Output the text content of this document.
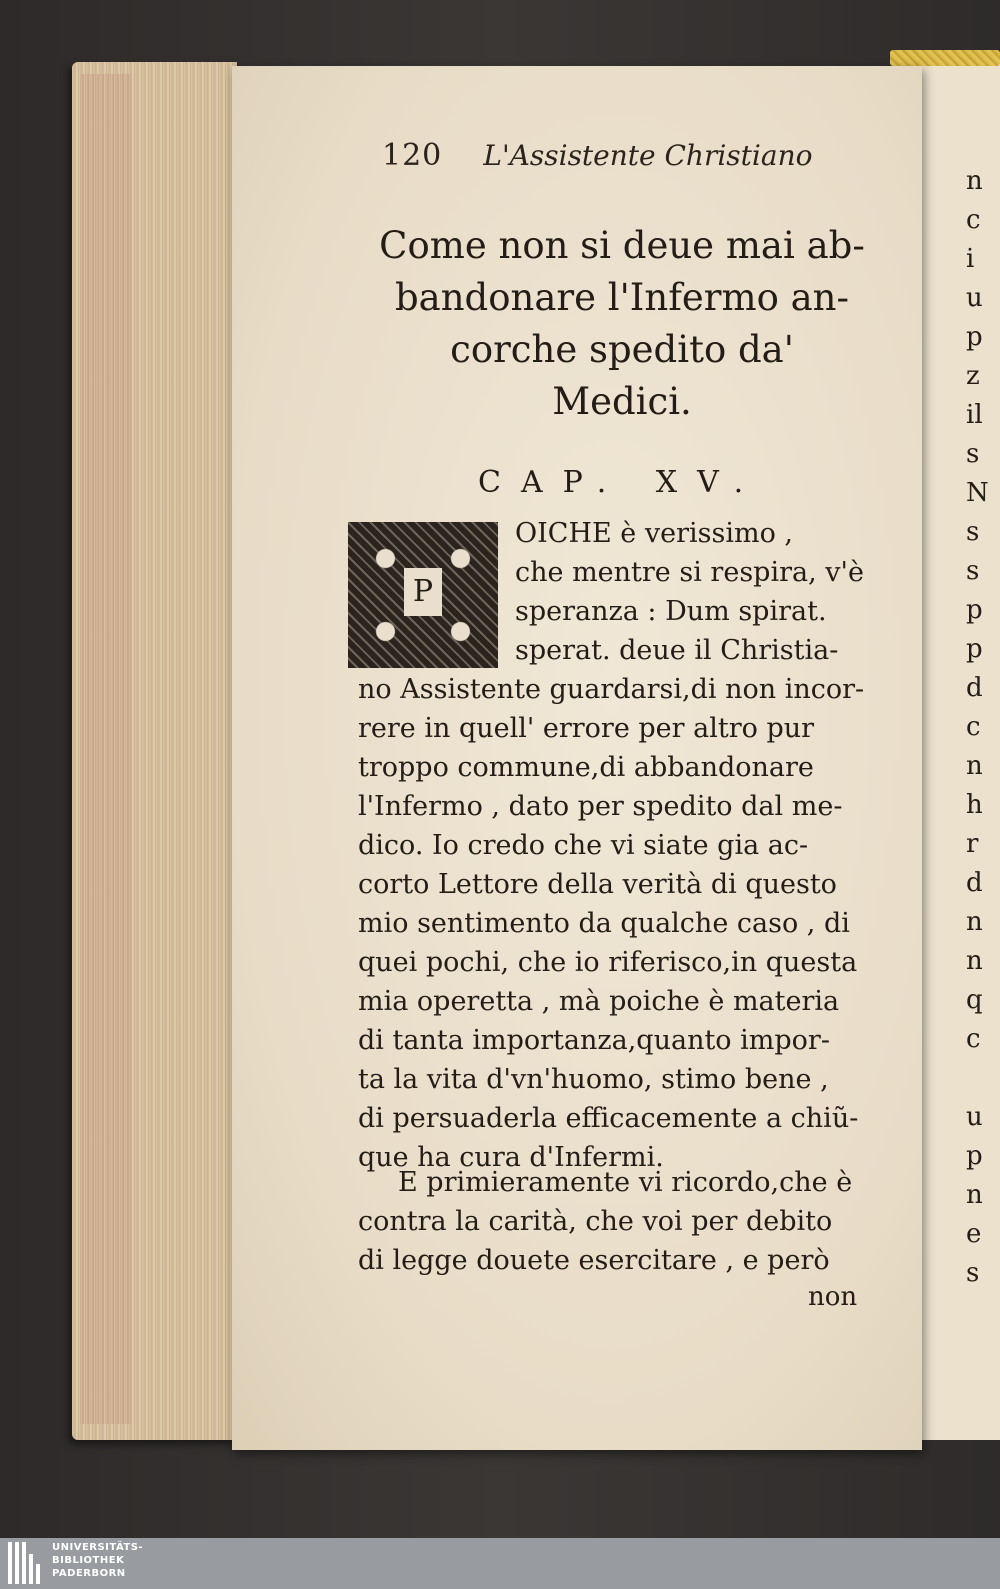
120 L'Assistente Christiano
Come non si deue mai ab-
bandonare l'Infermo an-
corche spedito da'
Medici.
CAP. XV.
P
OICHE è verissimo ,
che mentre si respira, v'è
speranza : Dum spirat.
sperat. deue il Christia-
no Assistente guardarsi,di non incor-
rere in quell' errore per altro pur
troppo commune,di abbandonare
l'Infermo , dato per spedito dal me-
dico. Io credo che vi siate gia ac-
corto Lettore della verità di questo
mio sentimento da qualche caso , di
quei pochi, che io riferisco,in questa
mia operetta , mà poiche è materia
di tanta importanza,quanto impor-
ta la vita d'vn'huomo, stimo bene ,
di persuaderla efficacemente a chiũ-
que ha cura d'Infermi.
E primieramente vi ricordo,che è
contra la carità, che voi per debito
di legge douete esercitare , e però
non
n
c
i
u
p
z
il
s
N
s
s
p
p
d
c
n
h
r
d
n
n
q
c

u
p
n
e
s
UNIVERSITÄTS-
BIBLIOTHEK
PADERBORN
